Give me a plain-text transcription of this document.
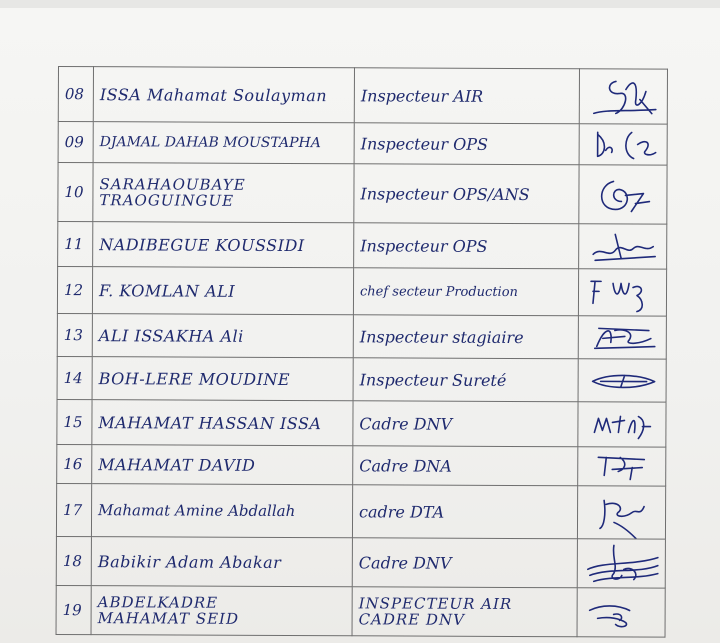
08	ISSA Mahamat Soulayman	Inspecteur AIR	

09	DJAMAL DAHAB MOUSTAPHA	Inspecteur OPS	

10	SARAHAOUBAYE
TRAOGUINGUE	Inspecteur OPS/ANS	

11	NADIBEGUE KOUSSIDI	Inspecteur OPS	

12	F. KOMLAN ALI	chef secteur Production	

13	ALI ISSAKHA Ali	Inspecteur stagiaire	

14	BOH-LERE MOUDINE	Inspecteur Sureté	

15	MAHAMAT HASSAN ISSA	Cadre DNV	

16	MAHAMAT DAVID	Cadre DNA	

17	Mahamat Amine Abdallah	cadre DTA	

18	Babikir Adam Abakar	Cadre DNV	

19	ABDELKADRE
MAHAMAT SEID	INSPECTEUR AIR
CADRE DNV
